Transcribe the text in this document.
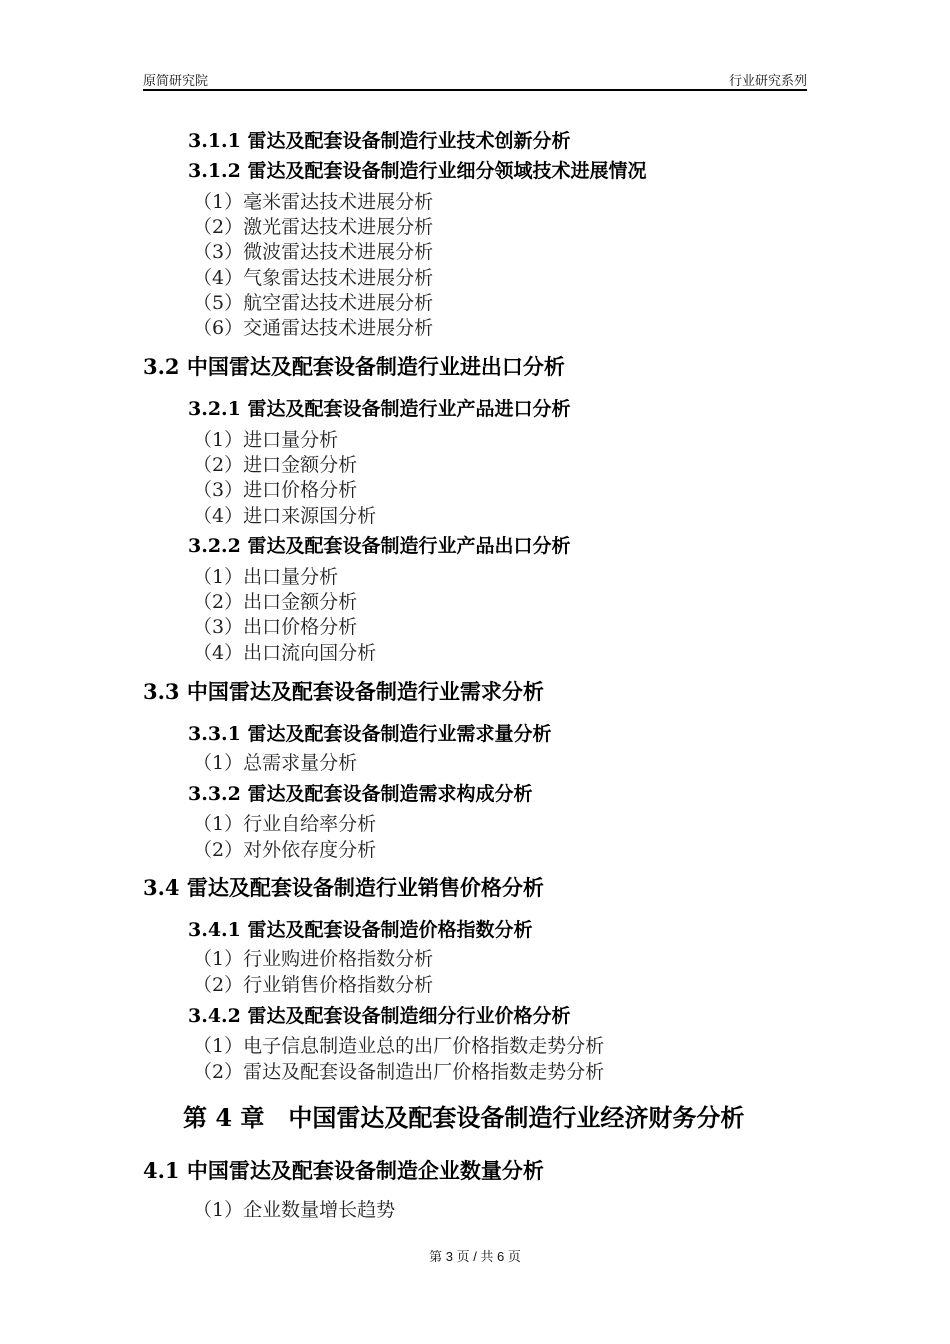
原简研究院	行业研究系列
3.1.1 雷达及配套设备制造行业技术创新分析
3.1.2 雷达及配套设备制造行业细分领域技术进展情况
（1）毫米雷达技术进展分析
（2）激光雷达技术进展分析
（3）微波雷达技术进展分析
（4）气象雷达技术进展分析
（5）航空雷达技术进展分析
（6）交通雷达技术进展分析
3.2 中国雷达及配套设备制造行业进出口分析
3.2.1 雷达及配套设备制造行业产品进口分析
（1）进口量分析
（2）进口金额分析
（3）进口价格分析
（4）进口来源国分析
3.2.2 雷达及配套设备制造行业产品出口分析
（1）出口量分析
（2）出口金额分析
（3）出口价格分析
（4）出口流向国分析
3.3 中国雷达及配套设备制造行业需求分析
3.3.1 雷达及配套设备制造行业需求量分析
（1）总需求量分析
3.3.2 雷达及配套设备制造需求构成分析
（1）行业自给率分析
（2）对外依存度分析
3.4 雷达及配套设备制造行业销售价格分析
3.4.1 雷达及配套设备制造价格指数分析
（1）行业购进价格指数分析
（2）行业销售价格指数分析
3.4.2 雷达及配套设备制造细分行业价格分析
（1）电子信息制造业总的出厂价格指数走势分析
（2）雷达及配套设备制造出厂价格指数走势分析
第 4 章　中国雷达及配套设备制造行业经济财务分析
4.1 中国雷达及配套设备制造企业数量分析
（1）企业数量增长趋势
第 3 页 / 共 6 页
